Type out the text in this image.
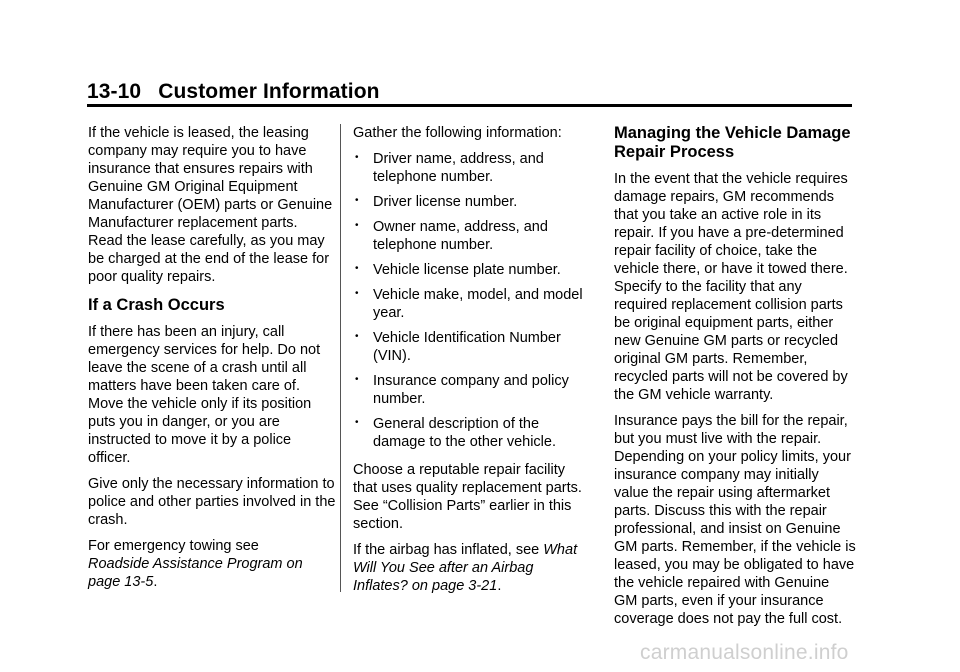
13-10 Customer Information

If the vehicle is leased, the leasing company may require you to have insurance that ensures repairs with Genuine GM Original Equipment Manufacturer (OEM) parts or Genuine Manufacturer replacement parts. Read the lease carefully, as you may be charged at the end of the lease for poor quality repairs.

If a Crash Occurs

If there has been an injury, call emergency services for help. Do not leave the scene of a crash until all matters have been taken care of. Move the vehicle only if its position puts you in danger, or you are instructed to move it by a police officer.

Give only the necessary information to police and other parties involved in the crash.

For emergency towing see
Roadside Assistance Program on page 13-5.

Gather the following information:

• Driver name, address, and telephone number.
• Driver license number.
• Owner name, address, and telephone number.
• Vehicle license plate number.
• Vehicle make, model, and model year.
• Vehicle Identification Number (VIN).
• Insurance company and policy number.
• General description of the damage to the other vehicle.

Choose a reputable repair facility that uses quality replacement parts. See “Collision Parts” earlier in this section.

If the airbag has inflated, see What Will You See after an Airbag Inflates? on page 3-21.

Managing the Vehicle Damage Repair Process

In the event that the vehicle requires damage repairs, GM recommends that you take an active role in its repair. If you have a pre-determined repair facility of choice, take the vehicle there, or have it towed there. Specify to the facility that any required replacement collision parts be original equipment parts, either new Genuine GM parts or recycled original GM parts. Remember, recycled parts will not be covered by the GM vehicle warranty.

Insurance pays the bill for the repair, but you must live with the repair. Depending on your policy limits, your insurance company may initially value the repair using aftermarket parts. Discuss this with the repair professional, and insist on Genuine GM parts. Remember, if the vehicle is leased, you may be obligated to have the vehicle repaired with Genuine GM parts, even if your insurance coverage does not pay the full cost.

carmanualsonline.info
